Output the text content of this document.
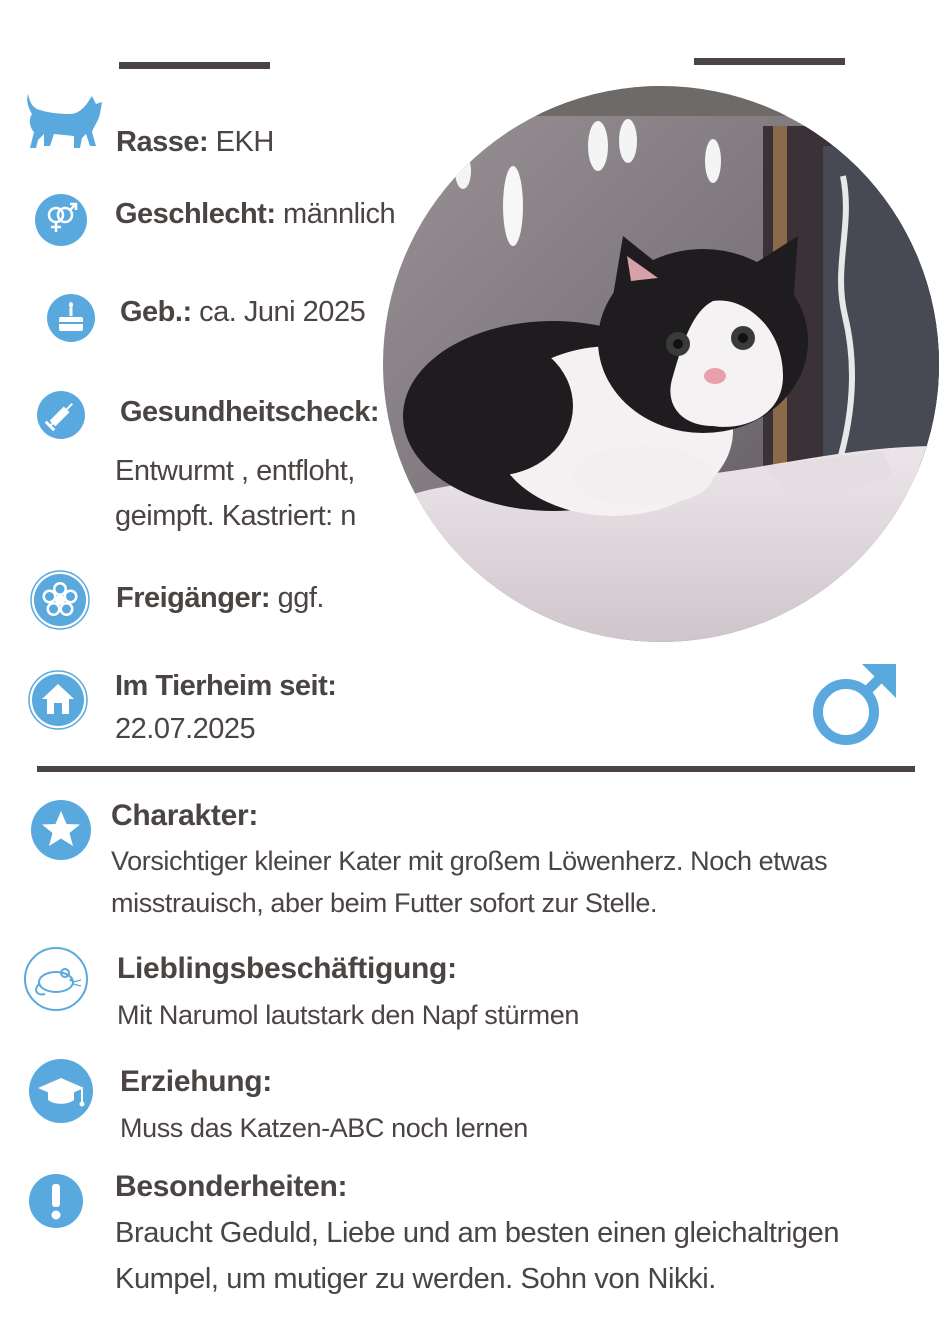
Rasse: EKH
Geschlecht: männlich
Geb.: ca. Juni 2025
Gesundheitscheck:
Entwurmt , entfloht,
geimpft. Kastriert: n
Freigänger: ggf.
Im Tierheim seit:
22.07.2025
Charakter:
Vorsichtiger kleiner Kater mit großem Löwenherz. Noch etwas
misstrauisch, aber beim Futter sofort zur Stelle.
Lieblingsbeschäftigung:
Mit Narumol lautstark den Napf stürmen
Erziehung:
Muss das Katzen-ABC noch lernen
Besonderheiten:
Braucht Geduld, Liebe und am besten einen gleichaltrigen
Kumpel, um mutiger zu werden. Sohn von Nikki.
